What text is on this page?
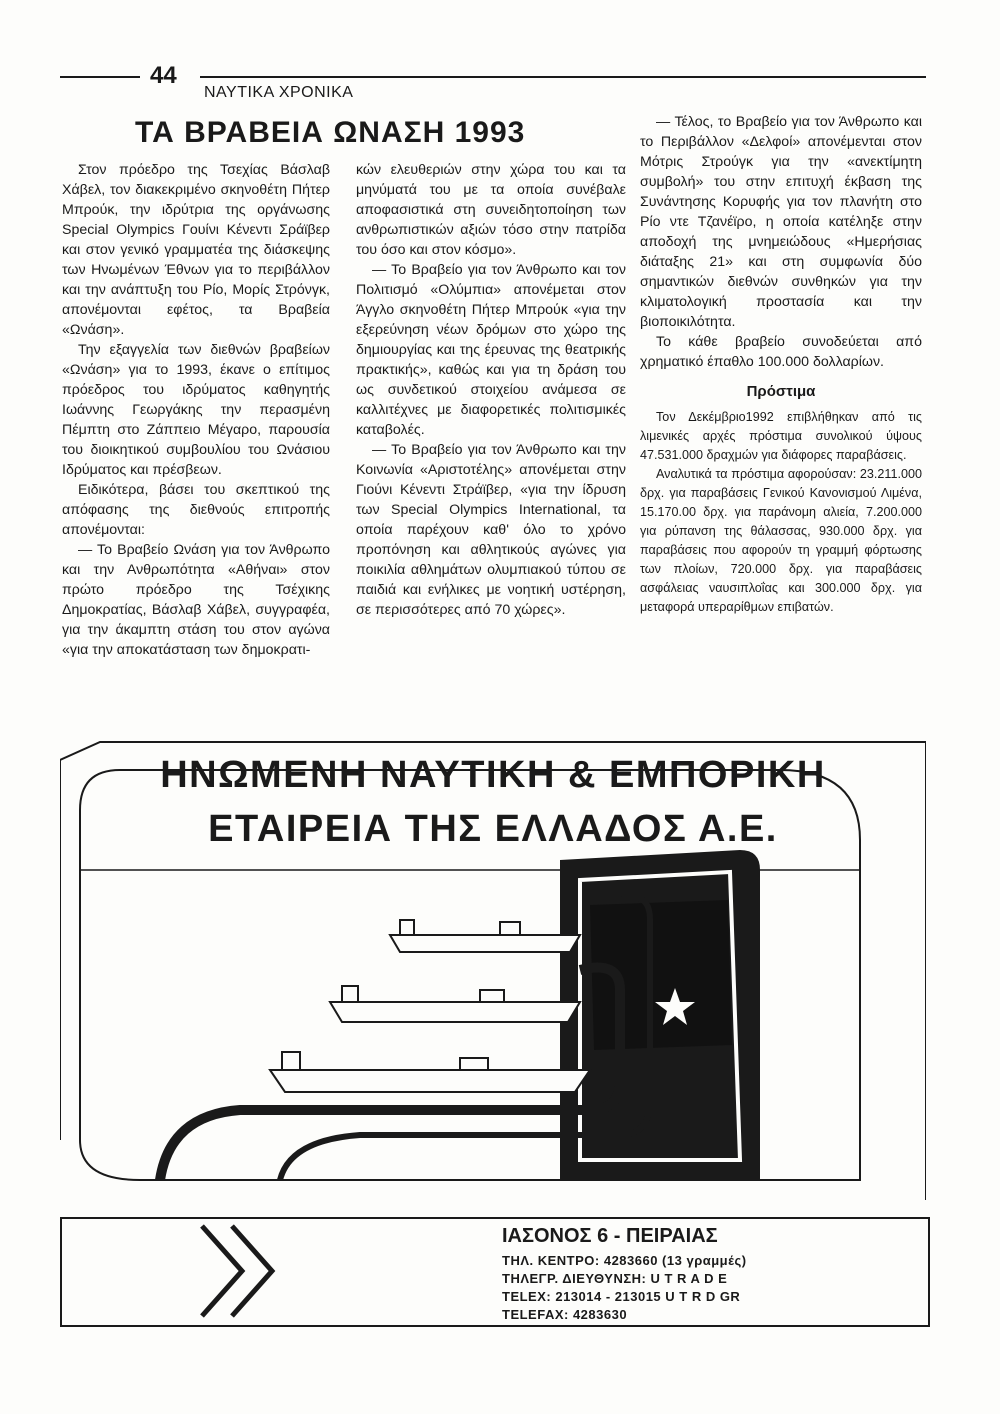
44
ΝΑΥΤΙΚΑ ΧΡΟΝΙΚΑ
ΤΑ ΒΡΑΒΕΙΑ ΩΝΑΣΗ 1993

Στον πρόεδρο της Τσεχίας Βάσλαβ Χάβελ, τον διακεκριμένο σκηνοθέτη Πήτερ Μπρούκ, την ιδρύτρια της οργάνωσης Special Olympics Γουίνι Κένεντι Σράϊβερ και στον γενικό γραμματέα της διάσκεψης των Ηνωμένων Έθνων για το περιβάλλον και την ανάπτυξη του Ρίο, Μορίς Στρόνγκ, απονέμονται εφέτος, τα Βραβεία «Ωνάση».

Την εξαγγελία των διεθνών βραβείων «Ωνάση» για το 1993, έκανε ο επίτιμος πρόεδρος του ιδρύματος καθηγητής Ιωάννης Γεωργάκης την περασμένη Πέμπτη στο Ζάππειο Μέγαρο, παρουσία του διοικητικού συμβουλίου του Ωνάσιου Ιδρύματος και πρέσβεων.

Ειδικότερα, βάσει του σκεπτικού της απόφασης της διεθνούς επιτροπής απονέμονται:

— Το Βραβείο Ωνάση για τον Άνθρωπο και την Ανθρωπότητα «Αθήναι» στον πρώτο πρόεδρο της Τσέχικης Δημοκρατίας, Βάσλαβ Χάβελ, συγγραφέα, για την άκαμπτη στάση του στον αγώνα «για την αποκατάσταση των δημοκρατι-

κών ελευθεριών στην χώρα του και τα μηνύματά του με τα οποία συνέβαλε αποφασιστικά στη συνειδητοποίηση των ανθρωπιστικών αξιών τόσο στην πατρίδα του όσο και στον κόσμο».

— Το Βραβείο για τον Άνθρωπο και τον Πολιτισμό «Ολύμπια» απονέμεται στον Άγγλο σκηνοθέτη Πήτερ Μπρούκ «για την εξερεύνηση νέων δρόμων στο χώρο της δημιουργίας και της έρευνας της θεατρικής πρακτικής», καθώς και για τη δράση του ως συνδετικού στοιχείου ανάμεσα σε καλλιτέχνες με διαφορετικές πολιτισμικές καταβολές.

— Το Βραβείο για τον Άνθρωπο και την Κοινωνία «Αριστοτέλης» απονέμεται στην Γιούνι Κένεντι Στράϊβερ, «για την ίδρυση των Special Olympics International, τα οποία παρέχουν καθ' όλο το χρόνο προπόνηση και αθλητικούς αγώνες για ποικιλία αθλημάτων ολυμπιακού τύπου σε παιδιά και ενήλικες με νοητική υστέρηση, σε περισσότερες από 70 χώρες».

— Τέλος, το Βραβείο για τον Άνθρωπο και το Περιβάλλον «Δελφοί» απονέμενται στον Μότρις Στρούγκ για την «ανεκτίμητη συμβολή» του στην επιτυχή έκβαση της Συνάντησης Κορυφής για τον πλανήτη στο Ρίο ντε Τζανέϊρο, η οποία κατέληξε στην αποδοχή της μνημειώδους «Ημερήσιας διάταξης 21» και στη συμφωνία δύο σημαντικών διεθνών συνθηκών για την κλιματολογική προστασία και την βιοποικιλότητα.

Το κάθε βραβείο συνοδεύεται από χρηματικό έπαθλο 100.000 δολλαρίων.

Πρόστιμα

Τον Δεκέμβριο1992 επιβλήθηκαν από τις λιμενικές αρχές πρόστιμα συνολικού ύψους 47.531.000 δραχμών για διάφορες παραβάσεις.

Αναλυτικά τα πρόστιμα αφορούσαν: 23.211.000 δρχ. για παραβάσεις Γενικού Κανονισμού Λιμένα, 15.170.00 δρχ. για παράνομη αλιεία, 7.200.000 για ρύπανση της θάλασσας, 930.000 δρχ. για παραβάσεις που αφορούν τη γραμμή φόρτωσης των πλοίων, 720.000 δρχ. για παραβάσεις ασφάλειας ναυσιπλοΐας και 300.000 δρχ. για μεταφορά υπεραρίθμων επιβατών.

ΗΝΩΜΕΝΗ ΝΑΥΤΙΚΗ & ΕΜΠΟΡΙΚΗ
ΕΤΑΙΡΕΙΑ ΤΗΣ ΕΛΛΑΔΟΣ Α.Ε.
ΙΑΣΟΝΟΣ 6 - ΠΕΙΡΑΙΑΣ
ΤΗΛ. ΚΕΝΤΡΟ: 4283660 (13 γραμμές)
ΤΗΛΕΓΡ. ΔΙΕΥΘΥΝΣΗ: U T R A D E
TELEX: 213014 - 213015 U T R D GR
TELEFAX: 4283630
